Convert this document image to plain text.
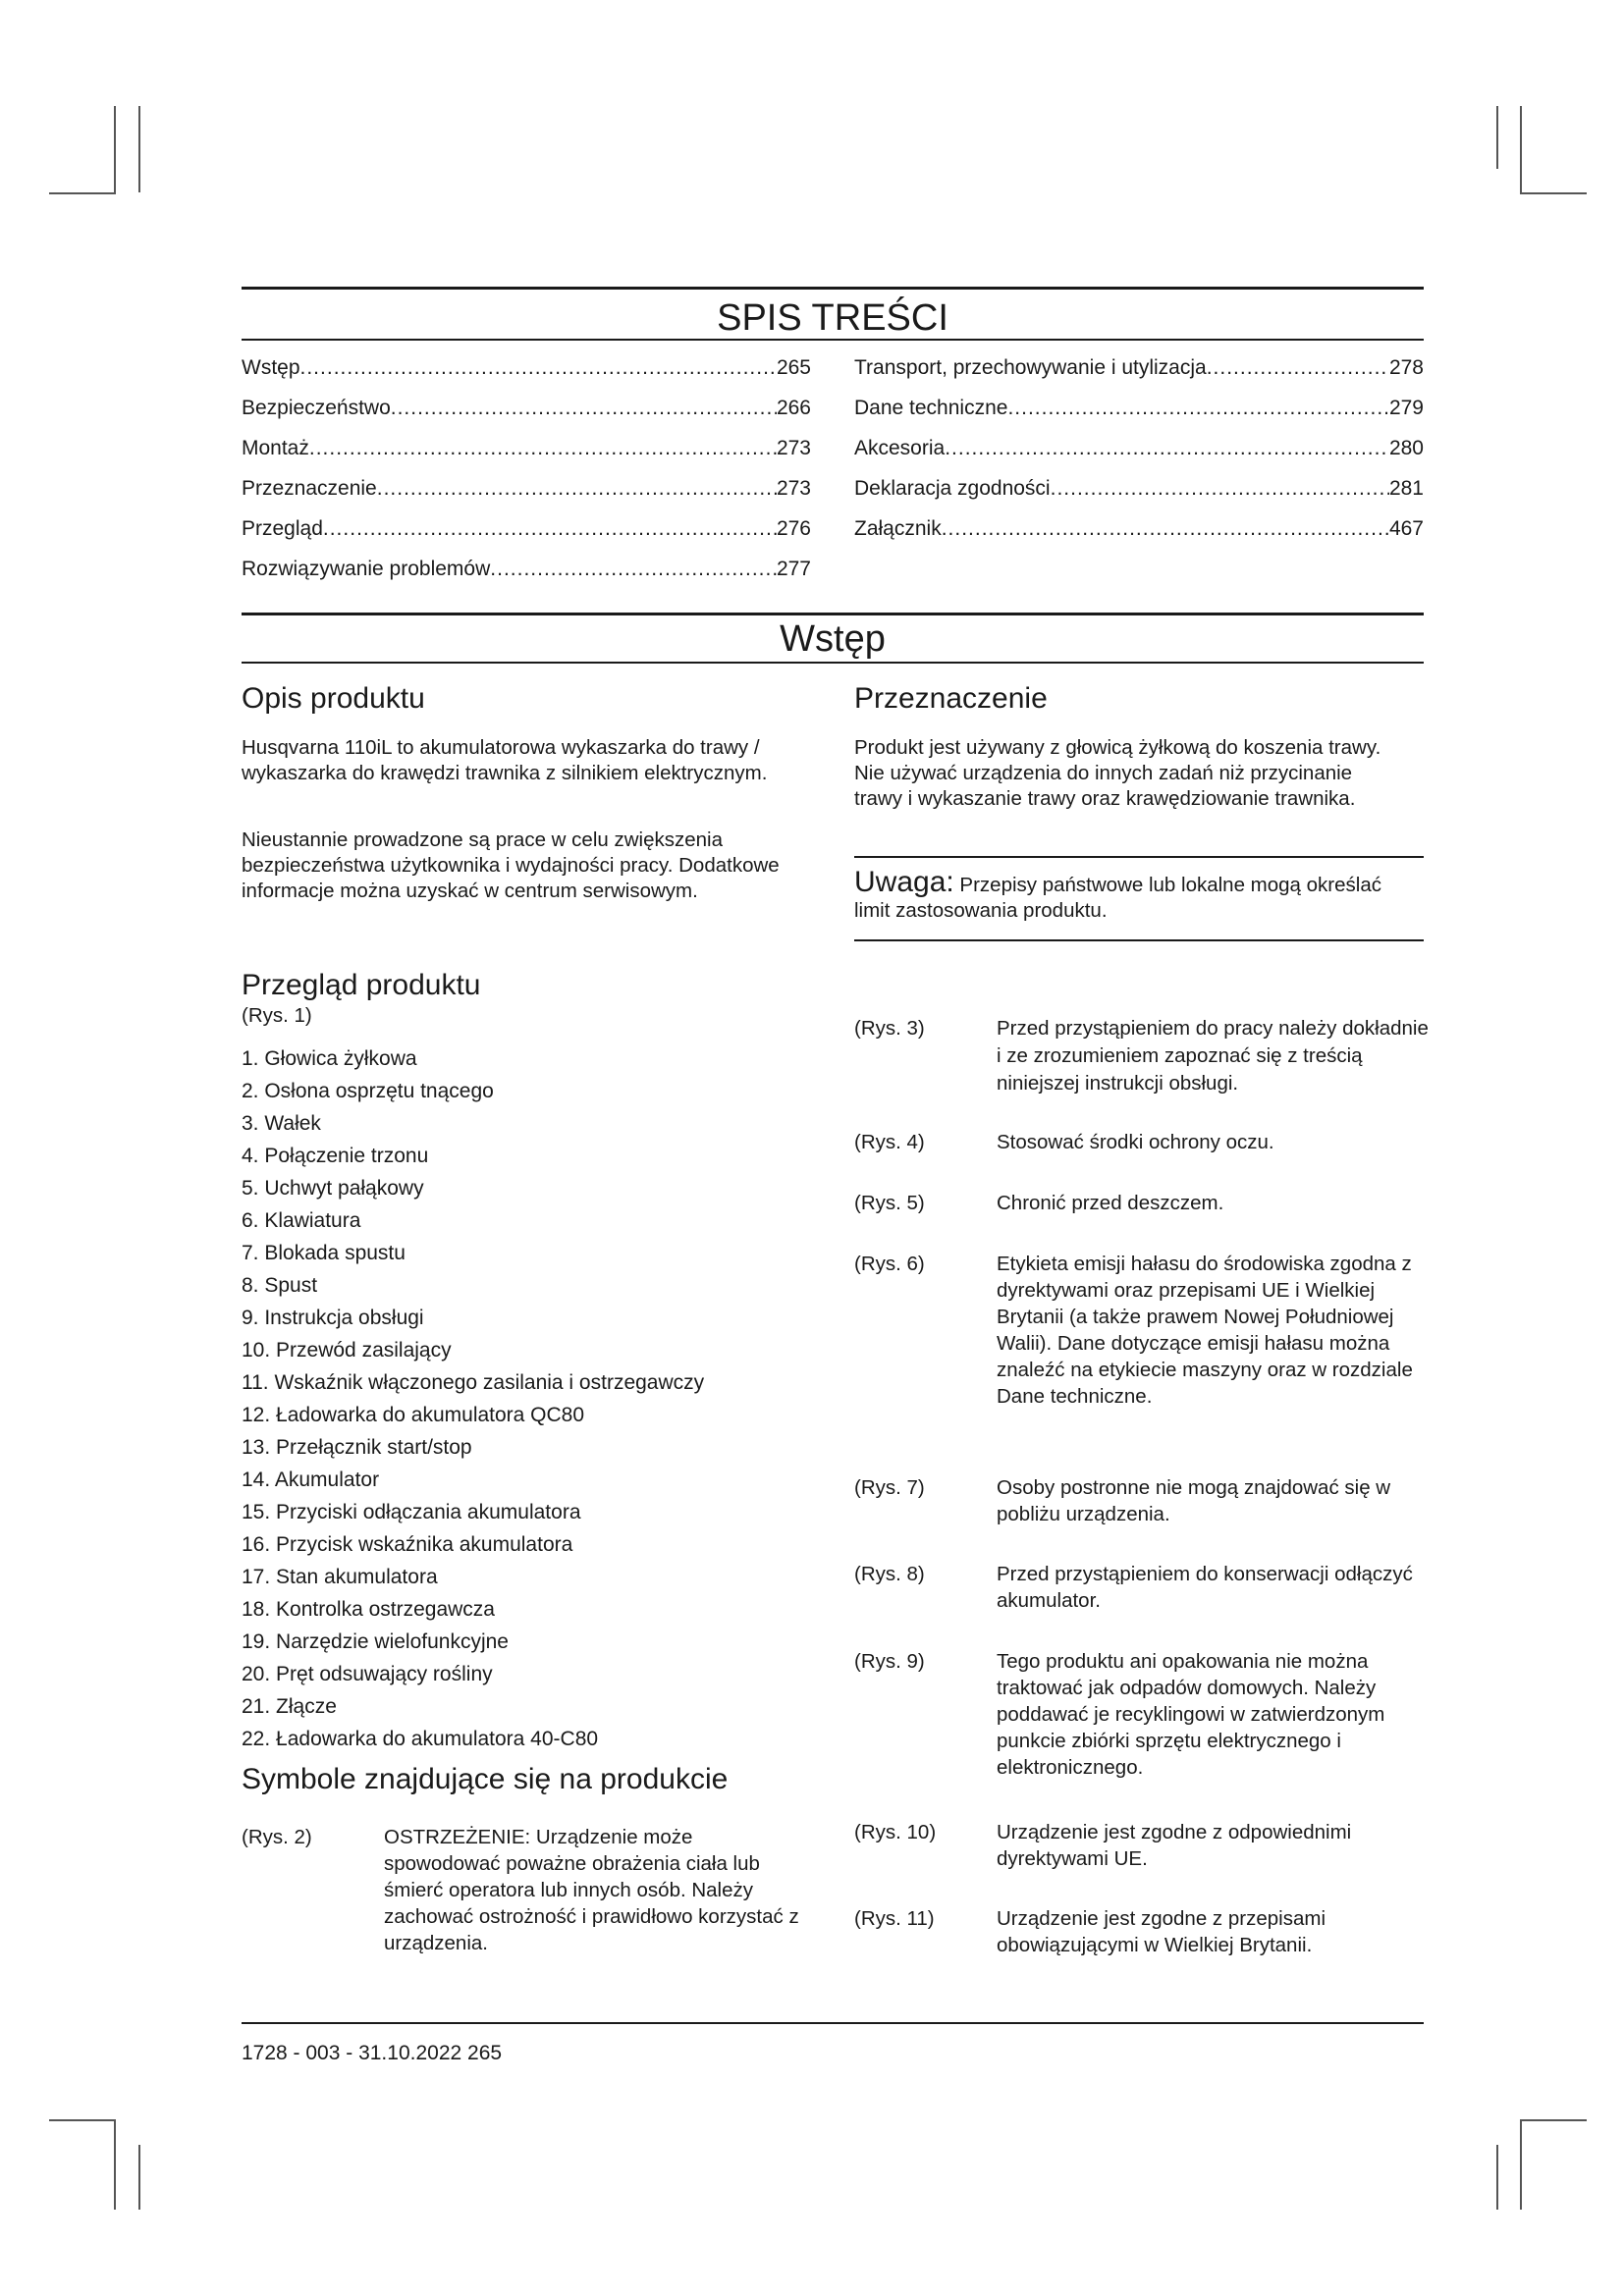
SPIS TREŚCI
Wstęp .....	265
Bezpieczeństwo .....	266
Montaż .....	273
Przeznaczenie .....	273
Przegląd .....	276
Rozwiązywanie problemów .....	277
Transport, przechowywanie i utylizacja .....	278
Dane techniczne .....	279
Akcesoria .....	280
Deklaracja zgodności .....	281
Załącznik .....	467
Wstęp
Opis produktu

Husqvarna 110iL to akumulatorowa wykaszarka do trawy / wykaszarka do krawędzi trawnika z silnikiem elektrycznym.

Nieustannie prowadzone są prace w celu zwiększenia bezpieczeństwa użytkownika i wydajności pracy. Dodatkowe informacje można uzyskać w centrum serwisowym.

Przeznaczenie

Produkt jest używany z głowicą żyłkową do koszenia trawy. Nie używać urządzenia do innych zadań niż przycinanie trawy i wykaszanie trawy oraz krawędziowanie trawnika.

Uwaga: Przepisy państwowe lub lokalne mogą określać limit zastosowania produktu.

Przegląd produktu
(Rys. 1)
1. Głowica żyłkowa
2. Osłona osprzętu tnącego
3. Wałek
4. Połączenie trzonu
5. Uchwyt pałąkowy
6. Klawiatura
7. Blokada spustu
8. Spust
9. Instrukcja obsługi
10. Przewód zasilający
11. Wskaźnik włączonego zasilania i ostrzegawczy
12. Ładowarka do akumulatora QC80
13. Przełącznik start/stop
14. Akumulator
15. Przyciski odłączania akumulatora
16. Przycisk wskaźnika akumulatora
17. Stan akumulatora
18. Kontrolka ostrzegawcza
19. Narzędzie wielofunkcyjne
20. Pręt odsuwający rośliny
21. Złącze
22. Ładowarka do akumulatora 40-C80
Symbole znajdujące się na produkcie
(Rys. 2)	OSTRZEŻENIE: Urządzenie może spowodować poważne obrażenia ciała lub śmierć operatora lub innych osób. Należy zachować ostrożność i prawidłowo korzystać z urządzenia.
(Rys. 3)	Przed przystąpieniem do pracy należy dokładnie i ze zrozumieniem zapoznać się z treścią niniejszej instrukcji obsługi.
(Rys. 4)	Stosować środki ochrony oczu.
(Rys. 5)	Chronić przed deszczem.
(Rys. 6)	Etykieta emisji hałasu do środowiska zgodna z dyrektywami oraz przepisami UE i Wielkiej Brytanii (a także prawem Nowej Południowej Walii). Dane dotyczące emisji hałasu można znaleźć na etykiecie maszyny oraz w rozdziale Dane techniczne.
(Rys. 7)	Osoby postronne nie mogą znajdować się w pobliżu urządzenia.
(Rys. 8)	Przed przystąpieniem do konserwacji odłączyć akumulator.
(Rys. 9)	Tego produktu ani opakowania nie można traktować jak odpadów domowych. Należy poddawać je recyklingowi w zatwierdzonym punkcie zbiórki sprzętu elektrycznego i elektronicznego.
(Rys. 10)	Urządzenie jest zgodne z odpowiednimi dyrektywami UE.
(Rys. 11)	Urządzenie jest zgodne z przepisami obowiązującymi w Wielkiej Brytanii.
1728 - 003 - 31.10.2022 265
